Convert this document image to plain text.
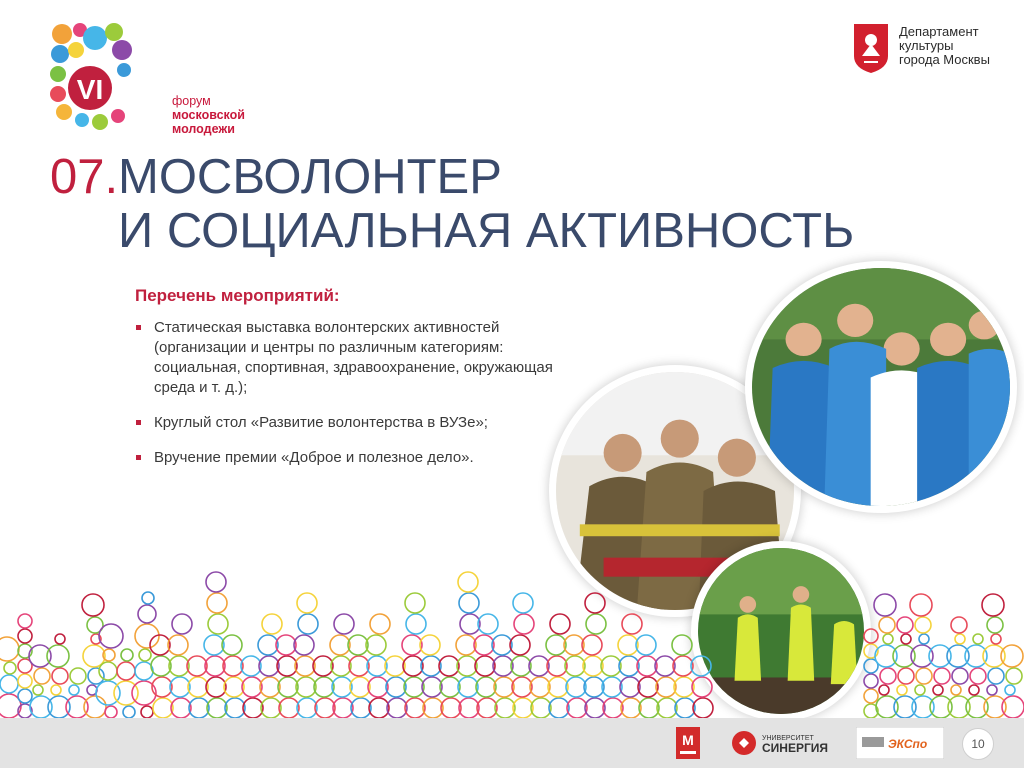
VI	форум
московской
молодежи
Департамент
культуры
города Москвы
07. МОСВОЛОНТЕР
И СОЦИАЛЬНАЯ АКТИВНОСТЬ
Перечень мероприятий:
Статическая выставка волонтерских активностей (организации и центры по различным категориям: социальная, спортивная, здравоохранение, окружающая среда и т. д.);
Круглый стол «Развитие волонтерства в ВУЗе»;
Вручение премии «Доброе и полезное дело».
М	УНИВЕРСИТЕТ
СИНЕРГИЯ	ЭКСпо	10
